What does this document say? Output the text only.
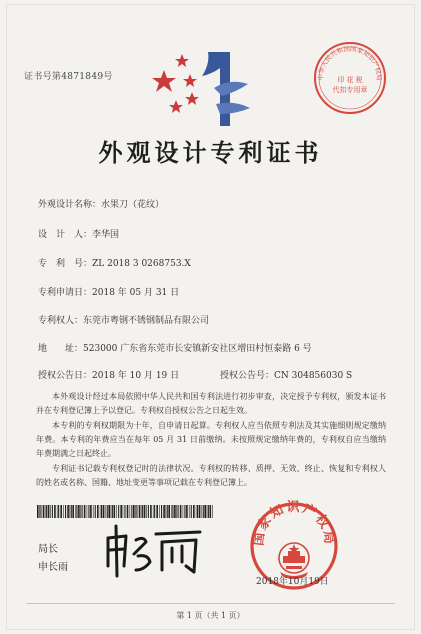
证书号第4871849号	中华人民共和国国家知识产权局
印 花 税
代扣专用章
外观设计专利证书
外观设计名称：水果刀（花纹）
设　计　人：李华国
专　利　号：ZL 2018 3 0268753.X
专利申请日：2018 年 05 月 31 日
专利权人：东莞市粤钢不锈钢制品有限公司
地　　址：523000 广东省东莞市长安镇新安社区增田村恒泰路 6 号
授权公告日：2018 年 10 月 19 日	授权公告号：CN 304856030 S
本外观设计经过本局依照中华人民共和国专利法进行初步审查，决定授予专利权，颁发本证书并在专利登记簿上予以登记。专利权自授权公告之日起生效。
本专利的专利权期限为十年，自申请日起算。专利权人应当依照专利法及其实施细则规定缴纳年费。本专利的年费应当在每年 05 月 31 日前缴纳。未按照规定缴纳年费的，专利权自应当缴纳年费期满之日起终止。
专利证书记载专利权登记时的法律状况。专利权的转移、质押、无效、终止、恢复和专利权人的姓名或名称、国籍、地址变更等事项记载在专利登记簿上。
局长
申长雨
国家知识产权局
2018年10月19日
第 1 页（共 1 页）
